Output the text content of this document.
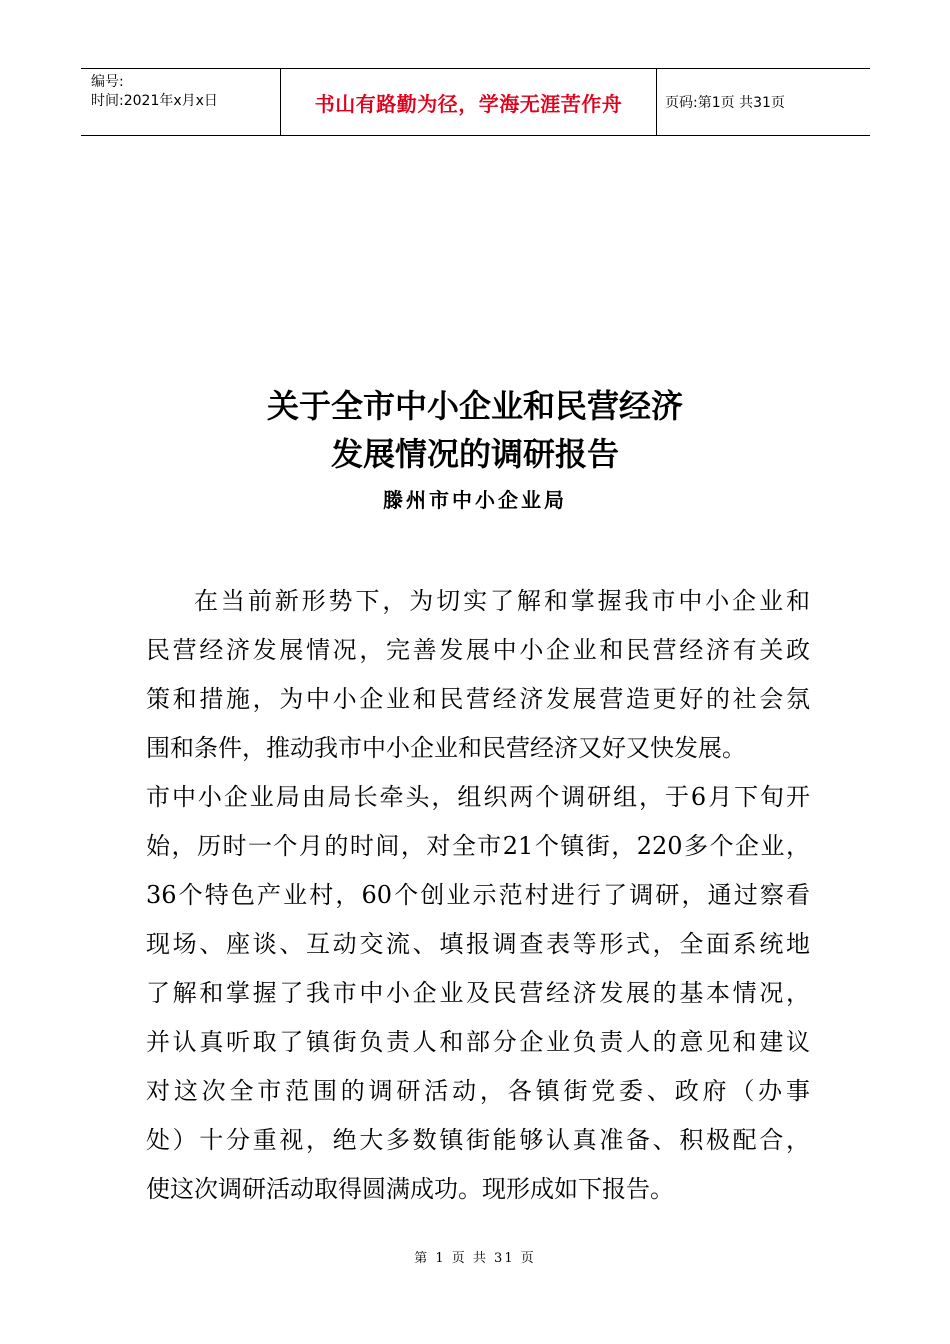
编号:
时间:2021年x月x日	书山有路勤为径，学海无涯苦作舟	页码:第1页 共31页
关于全市中小企业和民营经济
发展情况的调研报告
滕州市中小企业局
在当前新形势下，为切实了解和掌握我市中小企业和
民营经济发展情况，完善发展中小企业和民营经济有关政
策和措施，为中小企业和民营经济发展营造更好的社会氛
围和条件，推动我市中小企业和民营经济又好又快发展。
市中小企业局由局长牵头，组织两个调研组，于6月下旬开
始，历时一个月的时间，对全市21个镇街，220多个企业，
36个特色产业村，60个创业示范村进行了调研，通过察看
现场、座谈、互动交流、填报调查表等形式，全面系统地
了解和掌握了我市中小企业及民营经济发展的基本情况，
并认真听取了镇街负责人和部分企业负责人的意见和建议
对这次全市范围的调研活动，各镇街党委、政府（办事
处）十分重视，绝大多数镇街能够认真准备、积极配合，
使这次调研活动取得圆满成功。现形成如下报告。
第 1 页 共 31 页
